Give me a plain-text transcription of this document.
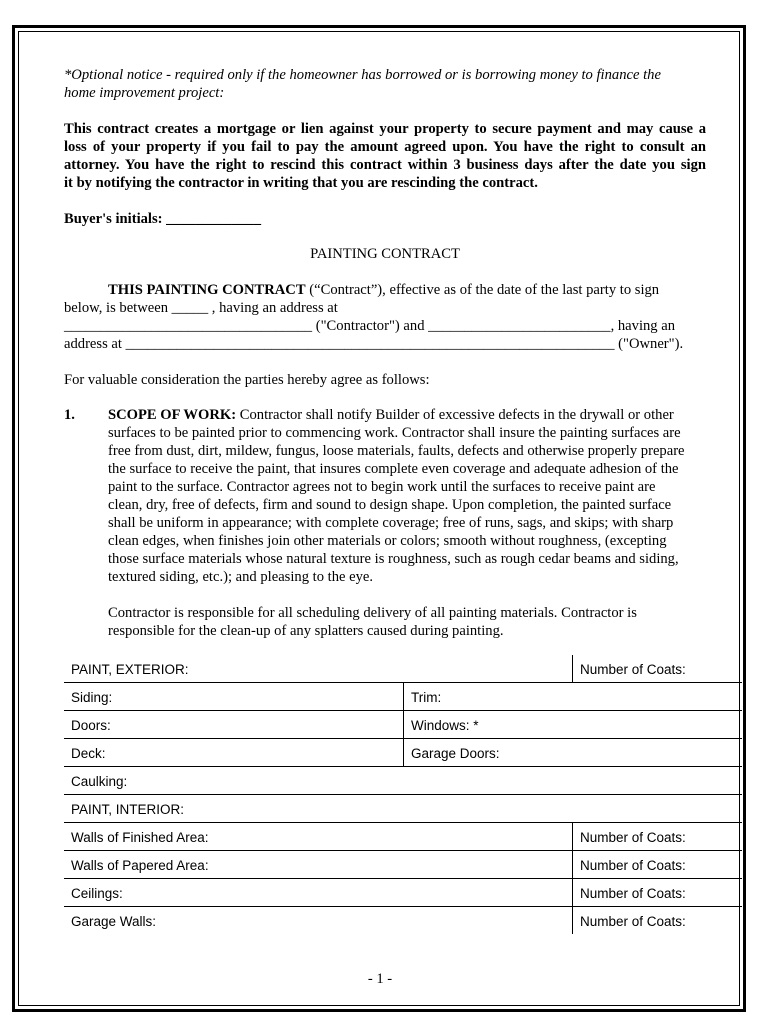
*Optional notice - required only if the homeowner has borrowed or is borrowing money to finance the
home improvement project:
This contract creates a mortgage or lien against your property to secure payment and may cause a
loss of your property if you fail to pay the amount agreed upon. You have the right to consult an
attorney. You have the right to rescind this contract within 3 business days after the date you sign
it by notifying the contractor in writing that you are rescinding the contract.
Buyer's initials: _____________
PAINTING CONTRACT
THIS PAINTING CONTRACT (“Contract”), effective as of the date of the last party to sign
below, is between _____ , having an address at
__________________________________ ("Contractor") and _________________________, having an
address at ___________________________________________________________________ ("Owner").
For valuable consideration the parties hereby agree as follows:
1. SCOPE OF WORK: Contractor shall notify Builder of excessive defects in the drywall or other
surfaces to be painted prior to commencing work. Contractor shall insure the painting surfaces are
free from dust, dirt, mildew, fungus, loose materials, faults, defects and otherwise properly prepare
the surface to receive the paint, that insures complete even coverage and adequate adhesion of the
paint to the surface. Contractor agrees not to begin work until the surfaces to receive paint are
clean, dry, free of defects, firm and sound to design shape. Upon completion, the painted surface
shall be uniform in appearance; with complete coverage; free of runs, sags, and skips; with sharp
clean edges, when finishes join other materials or colors; smooth without roughness, (excepting
those surface materials whose natural texture is roughness, such as rough cedar beams and siding,
textured siding, etc.); and pleasing to the eye.
Contractor is responsible for all scheduling delivery of all painting materials. Contractor is
responsible for the clean-up of any splatters caused during painting.
PAINT, EXTERIOR:	Number of Coats:
Siding:	Trim:
Doors:	Windows: *
Deck:	Garage Doors:
Caulking:
PAINT, INTERIOR:
Walls of Finished Area:	Number of Coats:
Walls of Papered Area:	Number of Coats:
Ceilings:	Number of Coats:
Garage Walls:	Number of Coats:
- 1 -
